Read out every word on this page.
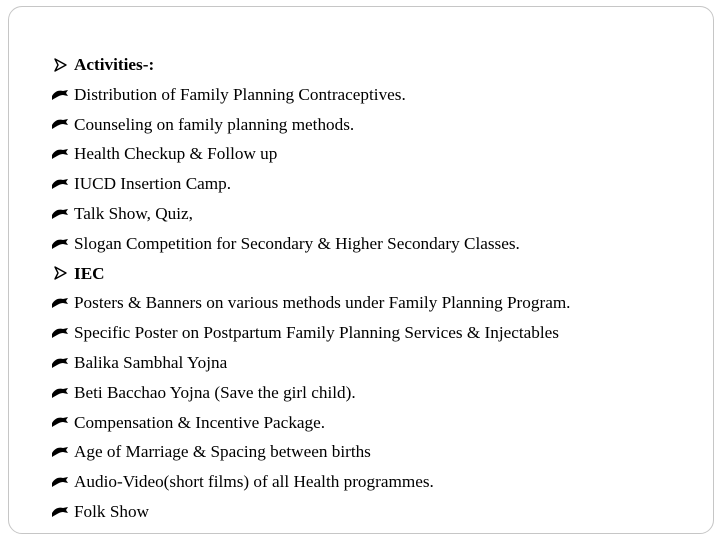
Activities-:
Distribution of Family Planning Contraceptives.
Counseling on family planning methods.
Health Checkup & Follow up
IUCD Insertion Camp.
Talk Show, Quiz,
Slogan Competition for Secondary & Higher Secondary Classes.
IEC
Posters & Banners on various methods under Family Planning Program.
Specific Poster on Postpartum Family Planning Services & Injectables
Balika Sambhal Yojna
Beti Bacchao Yojna (Save the girl child).
Compensation & Incentive Package.
Age of Marriage & Spacing between births
Audio-Video(short films) of all Health programmes.
Folk Show
